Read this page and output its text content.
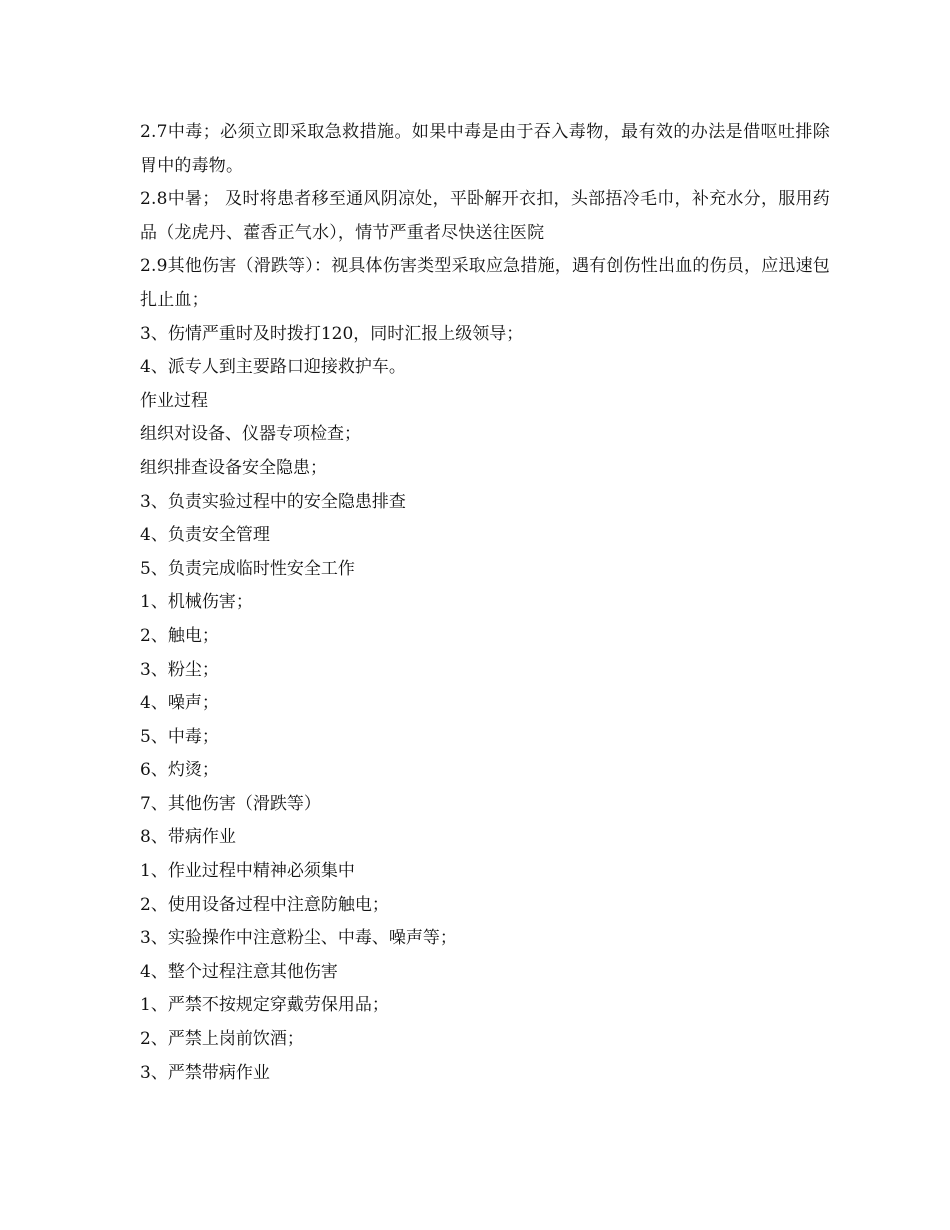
2.7中毒；必须立即采取急救措施。如果中毒是由于吞入毒物，最有效的办法是借呕吐排除胃中的毒物。
2.8中暑； 及时将患者移至通风阴凉处，平卧解开衣扣，头部捂冷毛巾，补充水分，服用药品（龙虎丹、藿香正气水），情节严重者尽快送往医院
2.9其他伤害（滑跌等）：视具体伤害类型采取应急措施，遇有创伤性出血的伤员，应迅速包扎止血；
3、伤情严重时及时拨打120，同时汇报上级领导；
4、派专人到主要路口迎接救护车。
作业过程
组织对设备、仪器专项检查；
组织排查设备安全隐患；
3、负责实验过程中的安全隐患排查
4、负责安全管理
5、负责完成临时性安全工作
1、机械伤害；
2、触电；
3、粉尘；
4、噪声；
5、中毒；
6、灼烫；
7、其他伤害（滑跌等）
8、带病作业
1、作业过程中精神必须集中
2、使用设备过程中注意防触电；
3、实验操作中注意粉尘、中毒、噪声等；
4、整个过程注意其他伤害
1、严禁不按规定穿戴劳保用品；
2、严禁上岗前饮酒；
3、严禁带病作业
